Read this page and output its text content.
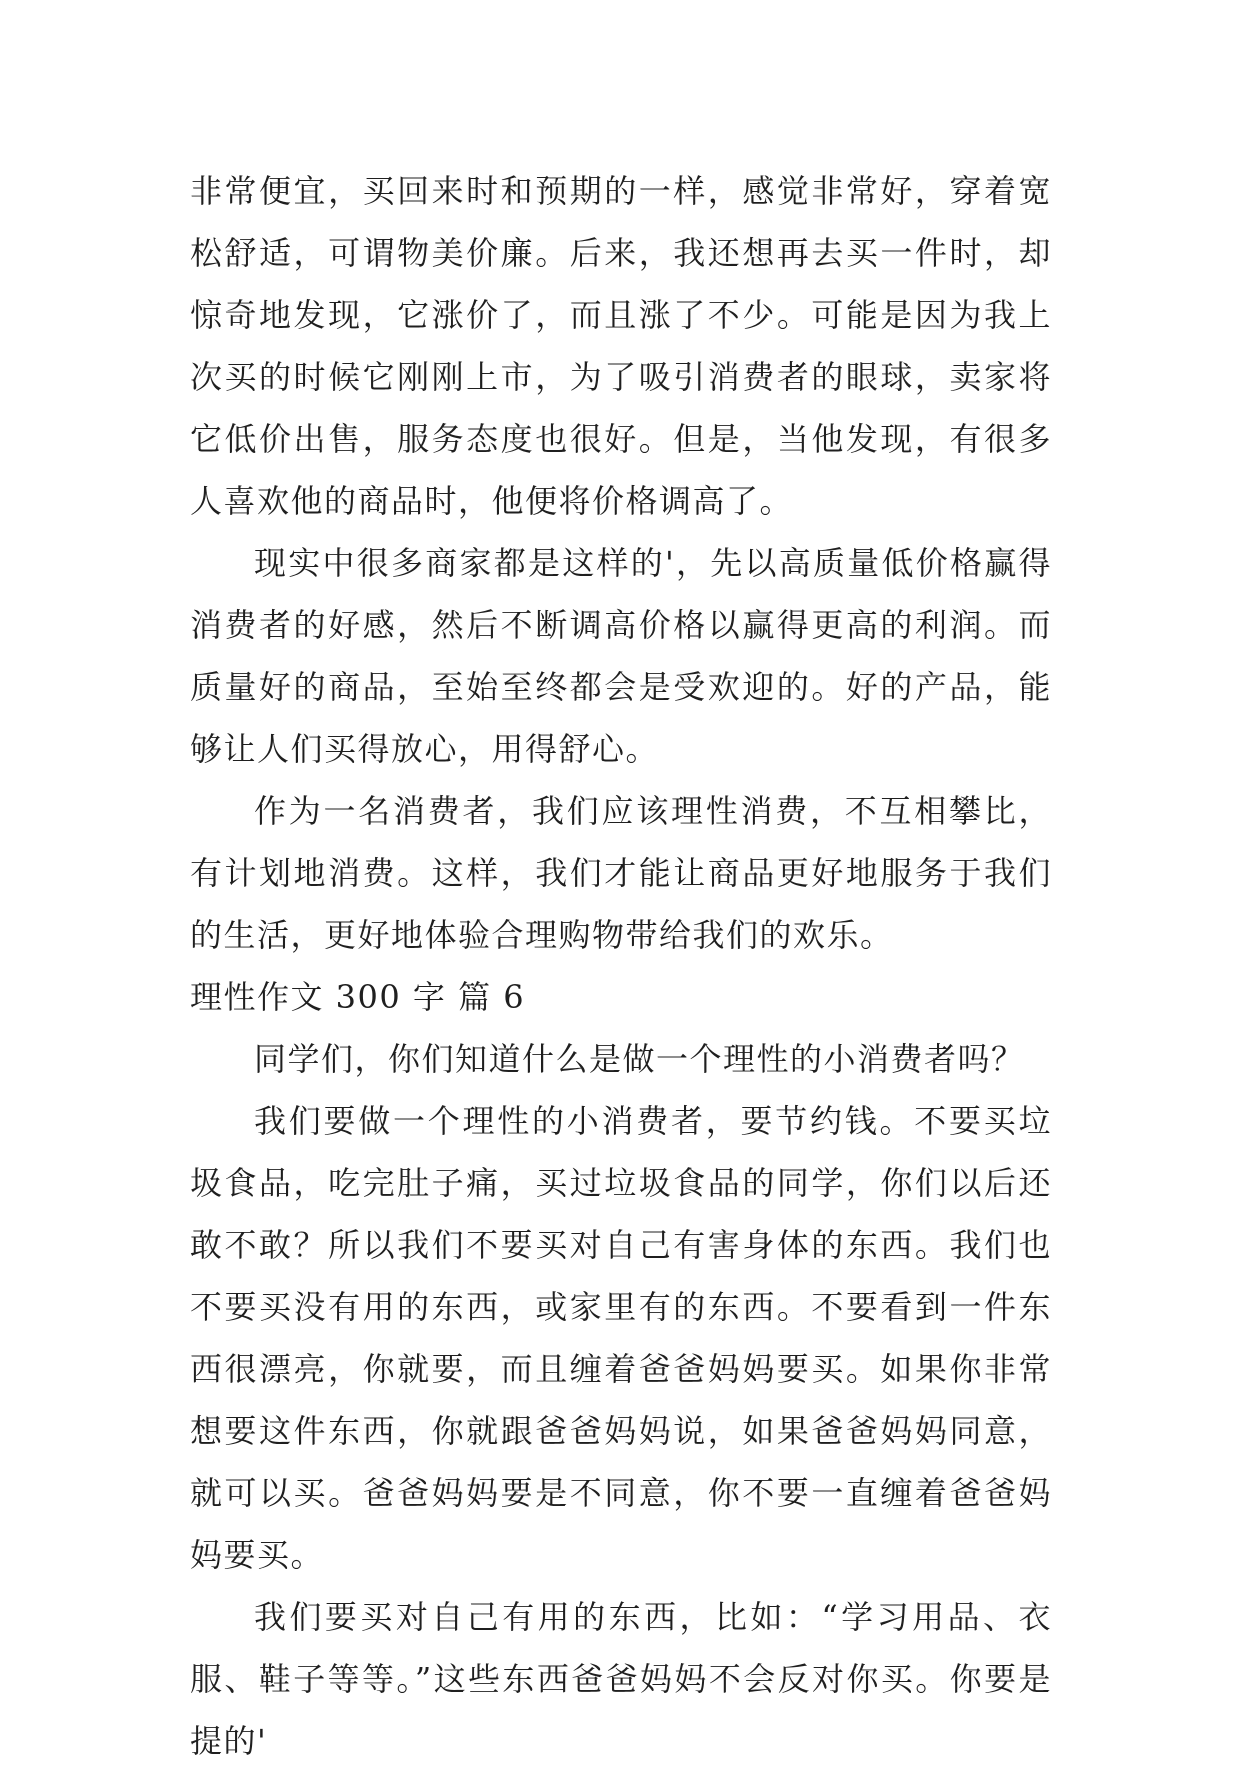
非常便宜，买回来时和预期的一样，感觉非常好，穿着宽松舒适，可谓物美价廉。后来，我还想再去买一件时，却惊奇地发现，它涨价了，而且涨了不少。可能是因为我上次买的时候它刚刚上市，为了吸引消费者的眼球，卖家将它低价出售，服务态度也很好。但是，当他发现，有很多人喜欢他的商品时，他便将价格调高了。

现实中很多商家都是这样的'，先以高质量低价格赢得消费者的好感，然后不断调高价格以赢得更高的利润。而质量好的商品，至始至终都会是受欢迎的。好的产品，能够让人们买得放心，用得舒心。

作为一名消费者，我们应该理性消费，不互相攀比，有计划地消费。这样，我们才能让商品更好地服务于我们的生活，更好地体验合理购物带给我们的欢乐。

理性作文 300 字 篇 6

同学们，你们知道什么是做一个理性的小消费者吗？

我们要做一个理性的小消费者，要节约钱。不要买垃圾食品，吃完肚子痛，买过垃圾食品的同学，你们以后还敢不敢？所以我们不要买对自己有害身体的东西。我们也不要买没有用的东西，或家里有的东西。不要看到一件东西很漂亮，你就要，而且缠着爸爸妈妈要买。如果你非常想要这件东西，你就跟爸爸妈妈说，如果爸爸妈妈同意，就可以买。爸爸妈妈要是不同意，你不要一直缠着爸爸妈妈要买。

我们要买对自己有用的东西，比如：“学习用品、衣服、鞋子等等。”这些东西爸爸妈妈不会反对你买。你要是提的'
